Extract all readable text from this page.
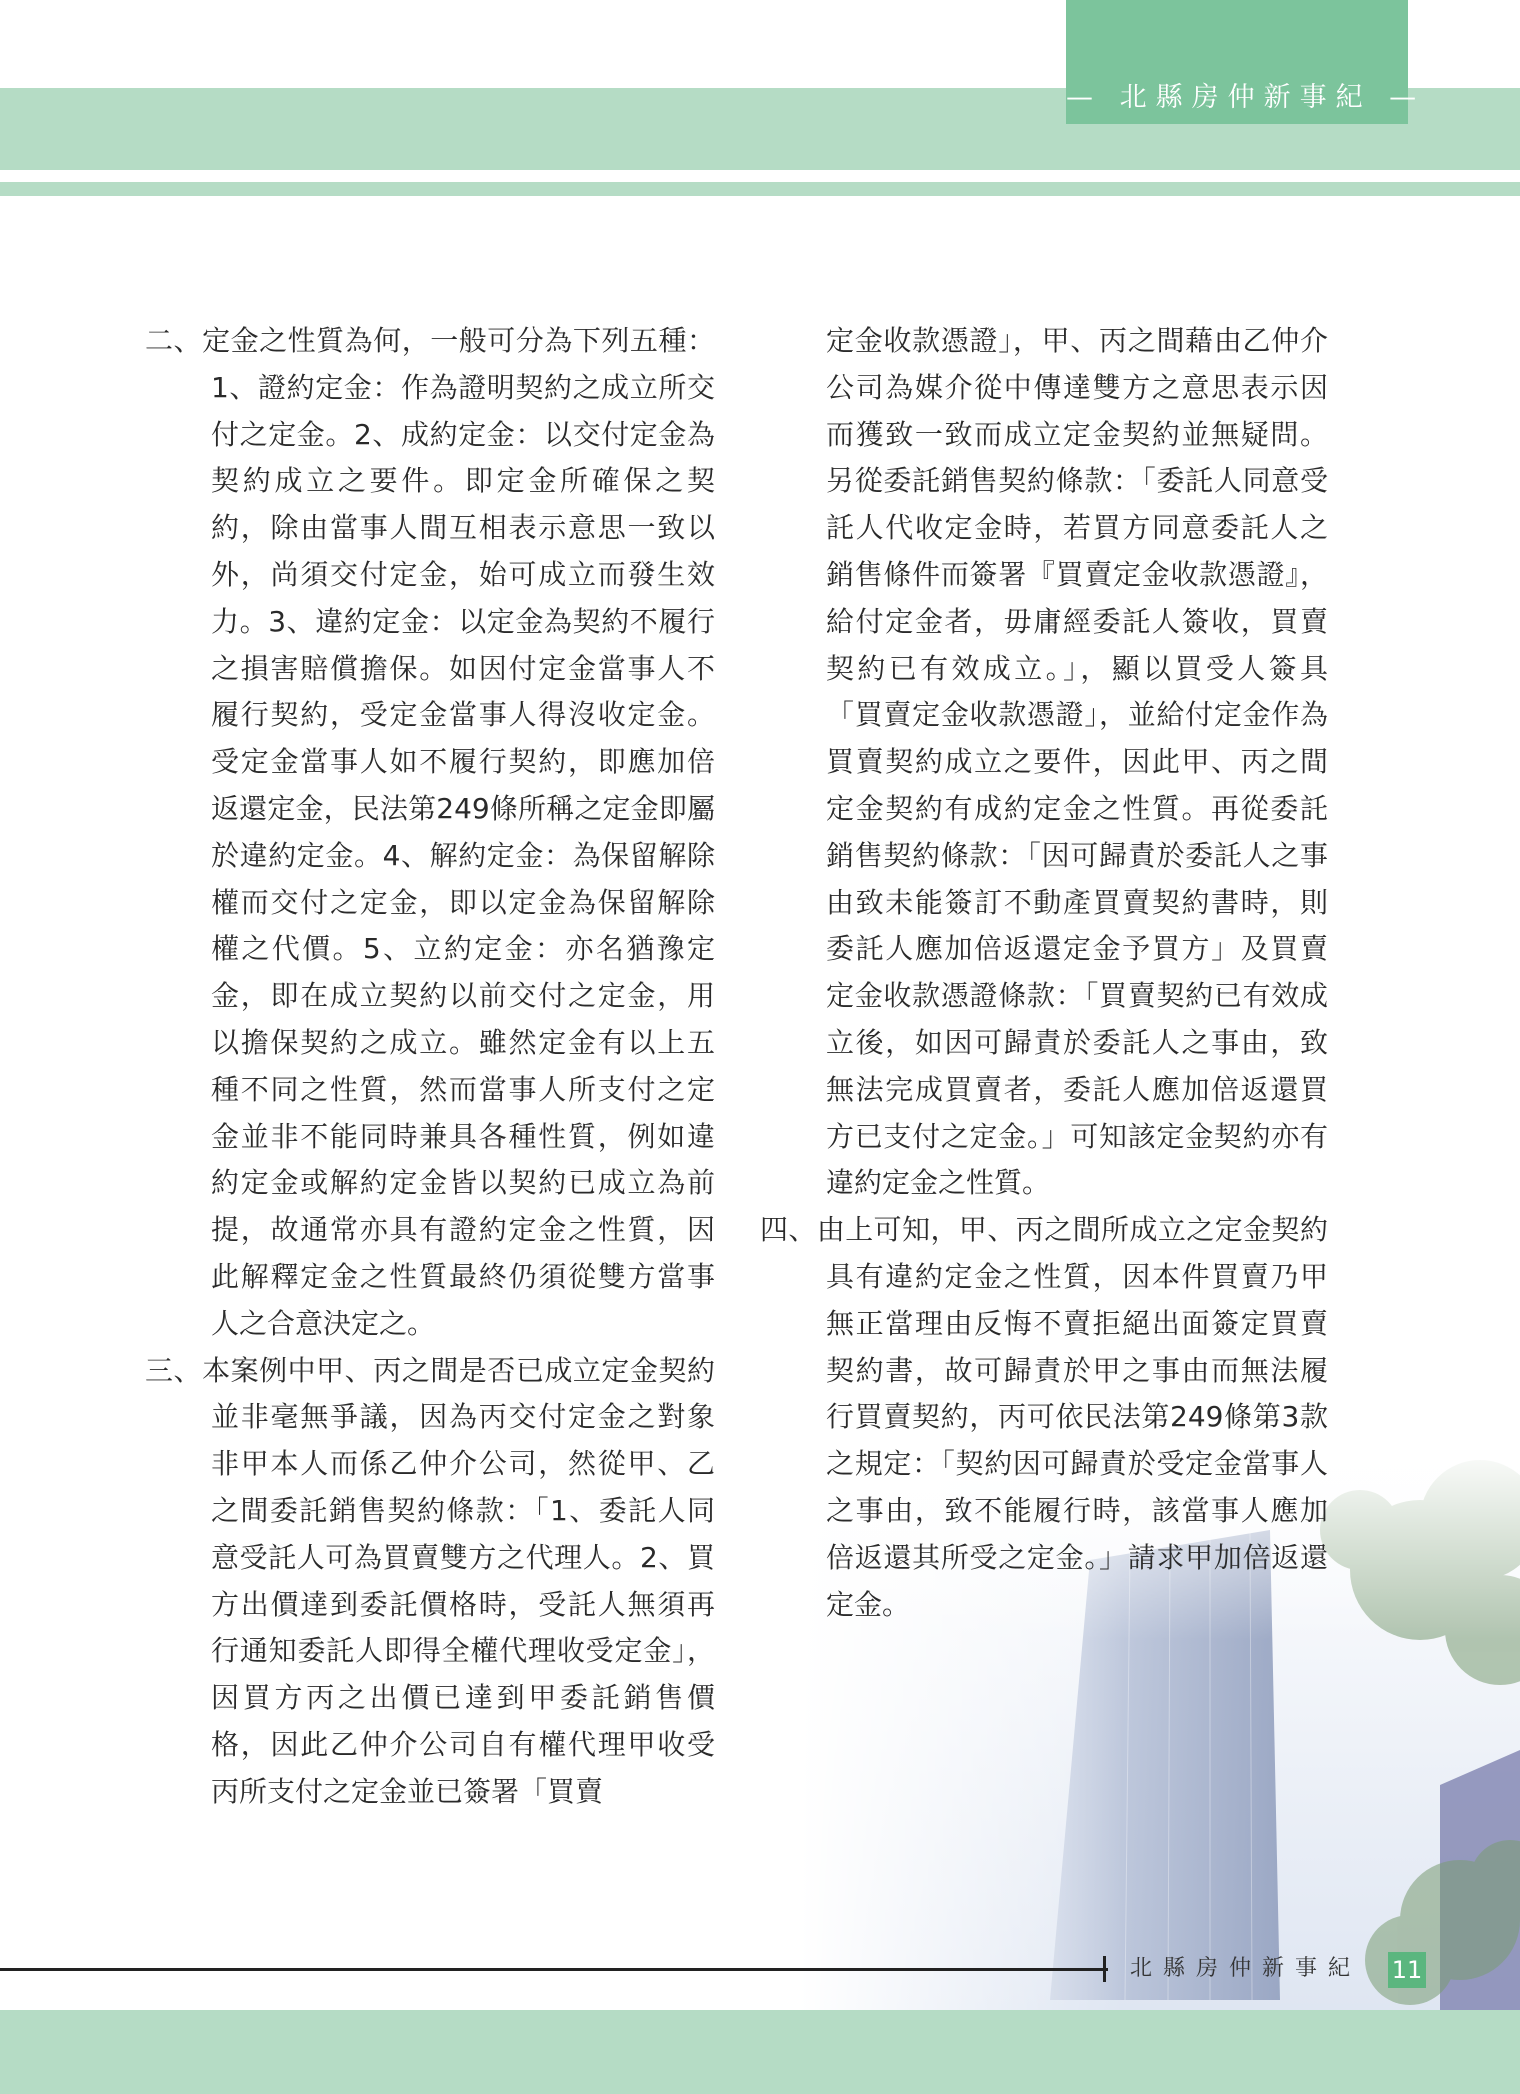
— 北縣房仲新事紀 —
二、定金之性質為何，一般可分為下列五種：1、證約定金：作為證明契約之成立所交付之定金。2、成約定金：以交付定金為契約成立之要件。即定金所確保之契約，除由當事人間互相表示意思一致以外，尚須交付定金，始可成立而發生效力。3、違約定金：以定金為契約不履行之損害賠償擔保。如因付定金當事人不履行契約，受定金當事人得沒收定金。受定金當事人如不履行契約，即應加倍返還定金，民法第249條所稱之定金即屬於違約定金。4、解約定金：為保留解除權而交付之定金，即以定金為保留解除權之代價。5、立約定金：亦名猶豫定金，即在成立契約以前交付之定金，用以擔保契約之成立。雖然定金有以上五種不同之性質，然而當事人所支付之定金並非不能同時兼具各種性質，例如違約定金或解約定金皆以契約已成立為前提，故通常亦具有證約定金之性質，因此解釋定金之性質最終仍須從雙方當事人之合意決定之。
三、本案例中甲、丙之間是否已成立定金契約並非毫無爭議，因為丙交付定金之對象非甲本人而係乙仲介公司，然從甲、乙之間委託銷售契約條款：「1、委託人同意受託人可為買賣雙方之代理人。2、買方出價達到委託價格時，受託人無須再行通知委託人即得全權代理收受定金」，因買方丙之出價已達到甲委託銷售價格，因此乙仲介公司自有權代理甲收受丙所支付之定金並已簽署「買賣
定金收款憑證」，甲、丙之間藉由乙仲介公司為媒介從中傳達雙方之意思表示因而獲致一致而成立定金契約並無疑問。另從委託銷售契約條款：「委託人同意受託人代收定金時，若買方同意委託人之銷售條件而簽署『買賣定金收款憑證』，給付定金者，毋庸經委託人簽收，買賣契約已有效成立。」，顯以買受人簽具「買賣定金收款憑證」，並給付定金作為買賣契約成立之要件，因此甲、丙之間定金契約有成約定金之性質。再從委託銷售契約條款：「因可歸責於委託人之事由致未能簽訂不動產買賣契約書時，則委託人應加倍返還定金予買方」及買賣定金收款憑證條款：「買賣契約已有效成立後，如因可歸責於委託人之事由，致無法完成買賣者，委託人應加倍返還買方已支付之定金。」可知該定金契約亦有違約定金之性質。
四、由上可知，甲、丙之間所成立之定金契約具有違約定金之性質，因本件買賣乃甲無正當理由反悔不賣拒絕出面簽定買賣契約書，故可歸責於甲之事由而無法履行買賣契約，丙可依民法第249條第3款之規定：「契約因可歸責於受定金當事人之事由，致不能履行時，該當事人應加倍返還其所受之定金。」請求甲加倍返還定金。
北縣房仲新事紀 11
